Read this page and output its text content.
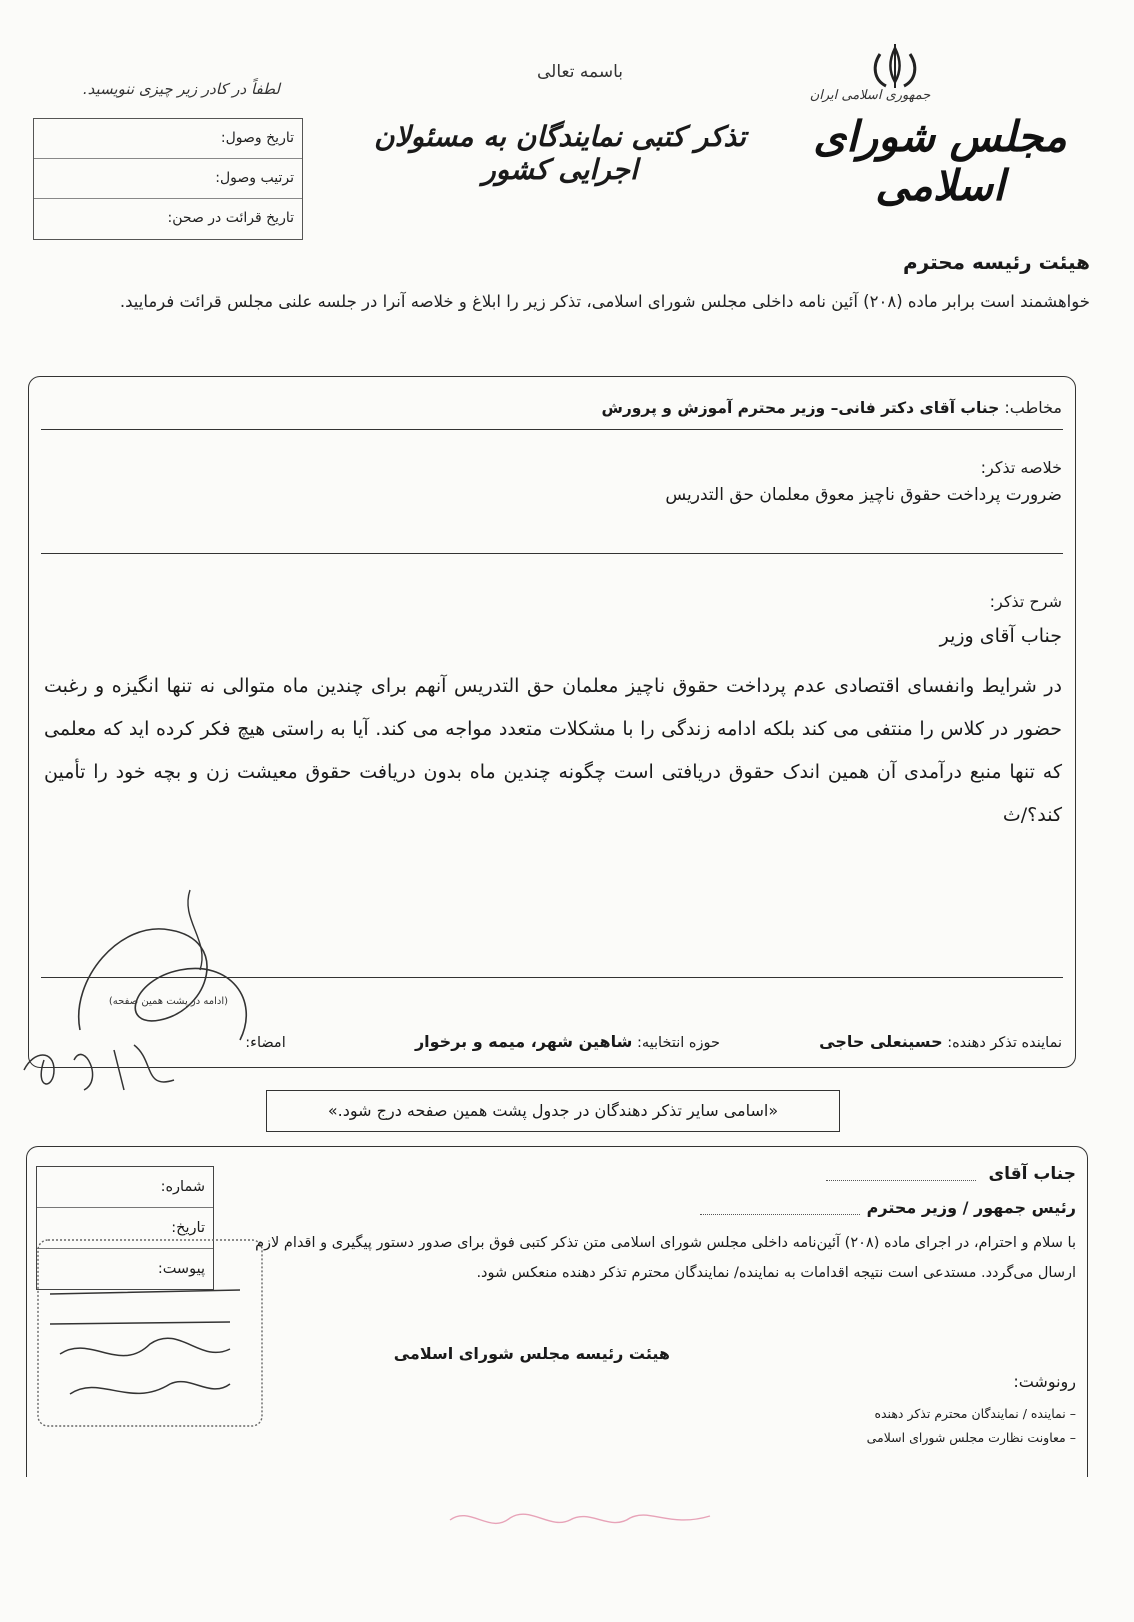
باسمه تعالی
لطفاً در کادر زیر چیزی ننویسید.	جمهوری اسلامی ایران
مجلس شورای اسلامی
تذکر کتبی نمایندگان به مسئولان اجرایی کشور
تاریخ وصول:
ترتیب وصول:
تاریخ قرائت در صحن:
هیئت رئیسه محترم
خواهشمند است برابر ماده (۲۰۸) آئین نامه داخلی مجلس شورای اسلامی، تذکر زیر را ابلاغ و خلاصه آنرا در جلسه علنی مجلس قرائت فرمایید.
مخاطب: جناب آقای دکتر فانی– وزیر محترم آموزش و پرورش
خلاصه تذکر:
ضرورت پرداخت حقوق ناچیز معوق معلمان حق التدریس
شرح تذکر:
جناب آقای وزیر
در شرایط وانفسای اقتصادی عدم پرداخت حقوق ناچیز معلمان حق التدریس آنهم برای چندین ماه متوالی نه تنها انگیزه و رغبت حضور در کلاس را منتفی می کند بلکه ادامه زندگی را با مشکلات متعدد مواجه می کند. آیا به راستی هیچ فکر کرده اید که معلمی که تنها منبع درآمدی آن همین اندک حقوق دریافتی است چگونه چندین ماه بدون دریافت حقوق معیشت زن و بچه خود را تأمین کند؟/ث
(ادامه در پشت همین صفحه)
نماینده تذکر دهنده: حسینعلی حاجی  حوزه انتخابیه: شاهین شهر، میمه و برخوار  امضاء:
«اسامی سایر تذکر دهندگان در جدول پشت همین صفحه درج شود.»
جناب آقای
رئیس جمهور / وزیر محترم
با سلام و احترام، در اجرای ماده (۲۰۸) آئین‌نامه داخلی مجلس شورای اسلامی متن تذکر کتبی فوق برای صدور دستور پیگیری و اقدام لازم ارسال می‌گردد. مستدعی است نتیجه اقدامات به نماینده/ نمایندگان محترم تذکر دهنده منعکس شود.
هیئت رئیسه مجلس شورای اسلامی
رونوشت:
– نماینده / نمایندگان محترم تذکر دهنده
– معاونت نظارت مجلس شورای اسلامی
شماره:
تاریخ:
پیوست:
